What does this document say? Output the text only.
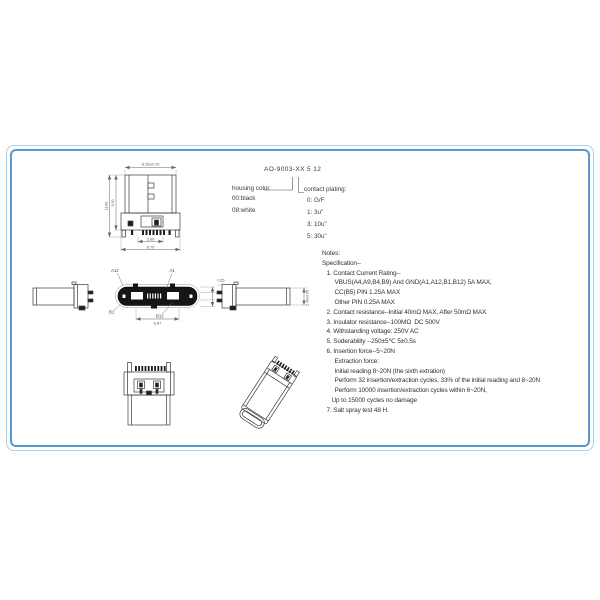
8.25±0.10
11.80 9.30
5.00
8.70
A12	A1
B1
B12
6.87
2.40±0.05
0.65
AO-9003-XX 5 12
housing color	contact plating:
00:black
08:white
0: G/F
1: 3u"
3: 10u"
5: 30u"
Notes:
Specification--
1. Contact Current Rating--
VBUS(A4,A9,B4,B9) And GND(A1,A12,B1,B12) 5A MAX,
CC(B5) PIN 1.25A MAX
Other PIN 0.25A MAX
2. Contact resistance--Initial 40mΩ MAX, After 50mΩ MAX
3. Insulator resistance--100MΩ  DC 500V
4. Withstanding voltage: 250V AC
5. Soderability --250±5℃ 5±0.5s
6. Insertion force--5~20N
Extraction force:
Initial reading 8~20N (the sixth extration)
Perform 32 insertion/extraction cycles, 33% of the initial reading and 8~20N
Perform 10000 insertion/extraction cycles within 6~20N,
Up to 15000 cycles no damage
7. Salt spray test 48 H.
